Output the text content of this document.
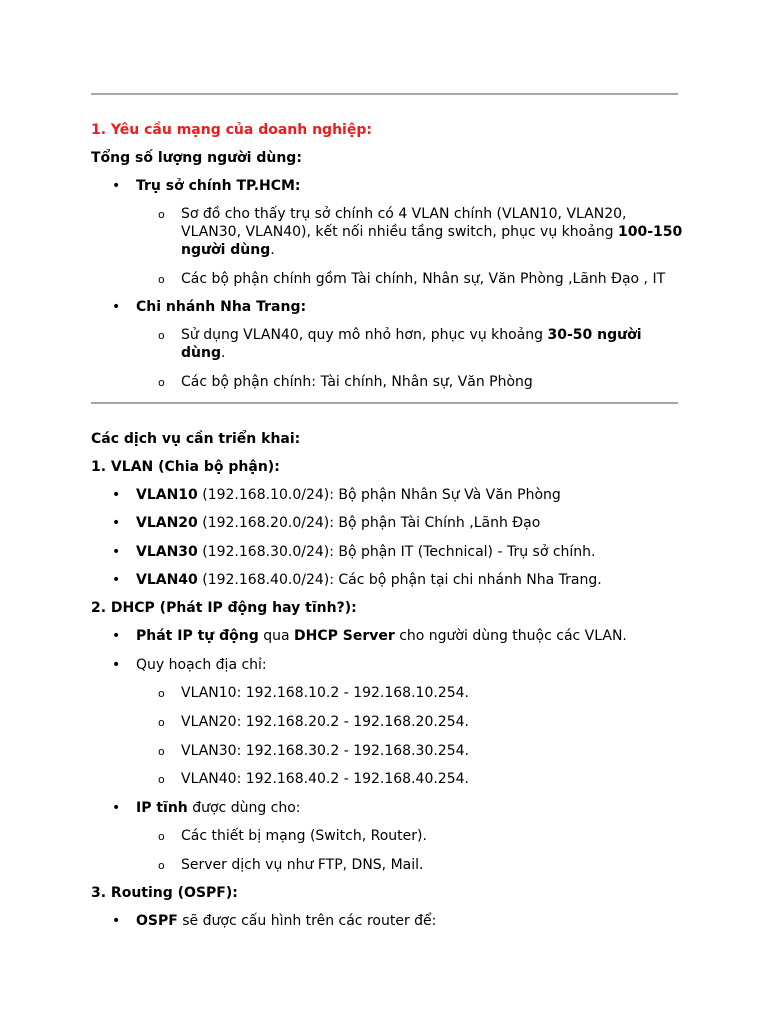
1. Yêu cầu mạng của doanh nghiệp:
Tổng số lượng người dùng:
• Trụ sở chính TP.HCM:
o Sơ đồ cho thấy trụ sở chính có 4 VLAN chính (VLAN10, VLAN20,
VLAN30, VLAN40), kết nối nhiều tầng switch, phục vụ khoảng 100-150
người dùng.
o Các bộ phận chính gồm Tài chính, Nhân sự, Văn Phòng ,Lãnh Đạo , IT
• Chi nhánh Nha Trang:
o Sử dụng VLAN40, quy mô nhỏ hơn, phục vụ khoảng 30-50 người
dùng.
o Các bộ phận chính: Tài chính, Nhân sự, Văn Phòng
Các dịch vụ cần triển khai:
1. VLAN (Chia bộ phận):
• VLAN10 (192.168.10.0/24): Bộ phận Nhân Sự Và Văn Phòng
• VLAN20 (192.168.20.0/24): Bộ phận Tài Chính ,Lãnh Đạo
• VLAN30 (192.168.30.0/24): Bộ phận IT (Technical) - Trụ sở chính.
• VLAN40 (192.168.40.0/24): Các bộ phận tại chi nhánh Nha Trang.
2. DHCP (Phát IP động hay tĩnh?):
• Phát IP tự động qua DHCP Server cho người dùng thuộc các VLAN.
• Quy hoạch địa chỉ:
o VLAN10: 192.168.10.2 - 192.168.10.254.
o VLAN20: 192.168.20.2 - 192.168.20.254.
o VLAN30: 192.168.30.2 - 192.168.30.254.
o VLAN40: 192.168.40.2 - 192.168.40.254.
• IP tĩnh được dùng cho:
o Các thiết bị mạng (Switch, Router).
o Server dịch vụ như FTP, DNS, Mail.
3. Routing (OSPF):
• OSPF sẽ được cấu hình trên các router để:
